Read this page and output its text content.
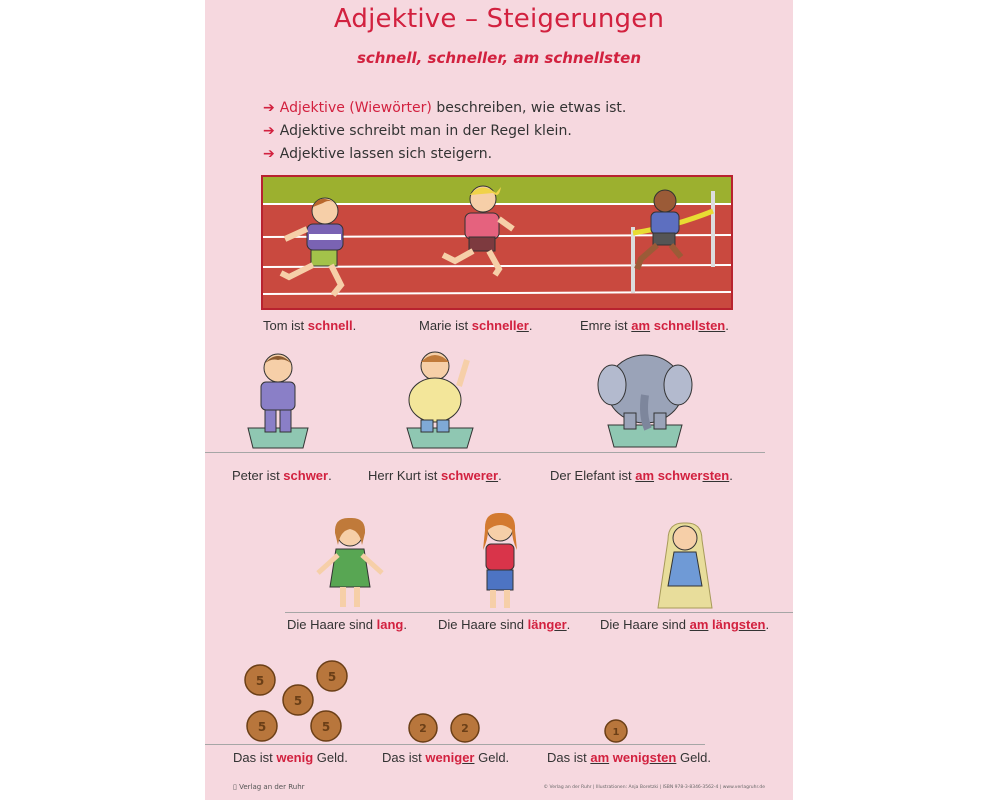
Adjektive – Steigerungen
schnell, schneller, am schnellsten
➔ Adjektive (Wiewörter) beschreiben, wie etwas ist.
➔ Adjektive schreibt man in der Regel klein.
➔ Adjektive lassen sich steigern.
Tom ist schnell.	Marie ist schneller.	Emre ist am schnellsten.
Peter ist schwer.	Herr Kurt ist schwerer.	Der Elefant ist am schwersten.
Die Haare sind lang. Die Haare sind länger. Die Haare sind am längsten.
5	5
5
5	5	2	2	1
Das ist wenig Geld.	Das ist weniger Geld.	Das ist am wenigsten Geld.
▯ Verlag an der Ruhr	© Verlag an der Ruhr | Illustrationen: Anja Boretzki | ISBN 978-3-8346-3562-4 | www.verlagruhr.de
